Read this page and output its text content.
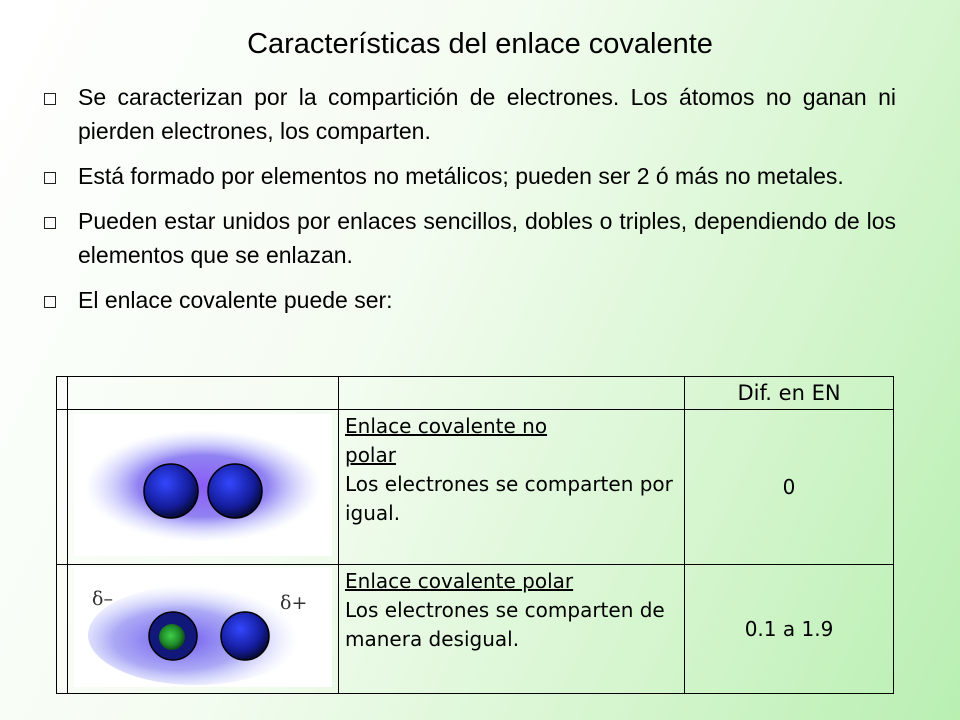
Características del enlace covalente
Se caracterizan por la compartición de electrones. Los átomos no ganan ni pierden electrones, los comparten.
Está formado por elementos no metálicos; pueden ser 2 ó más no metales.
Pueden estar unidos por enlaces sencillos, dobles o triples, dependiendo de los elementos que se enlazan.
El enlace covalente puede ser:
			Dif. en EN

	Enlace covalente no
polar
Los electrones se comparten por igual.	0

δ– δ+	Enlace covalente polar
Los electrones se comparten de manera desigual.	0.1 a 1.9
